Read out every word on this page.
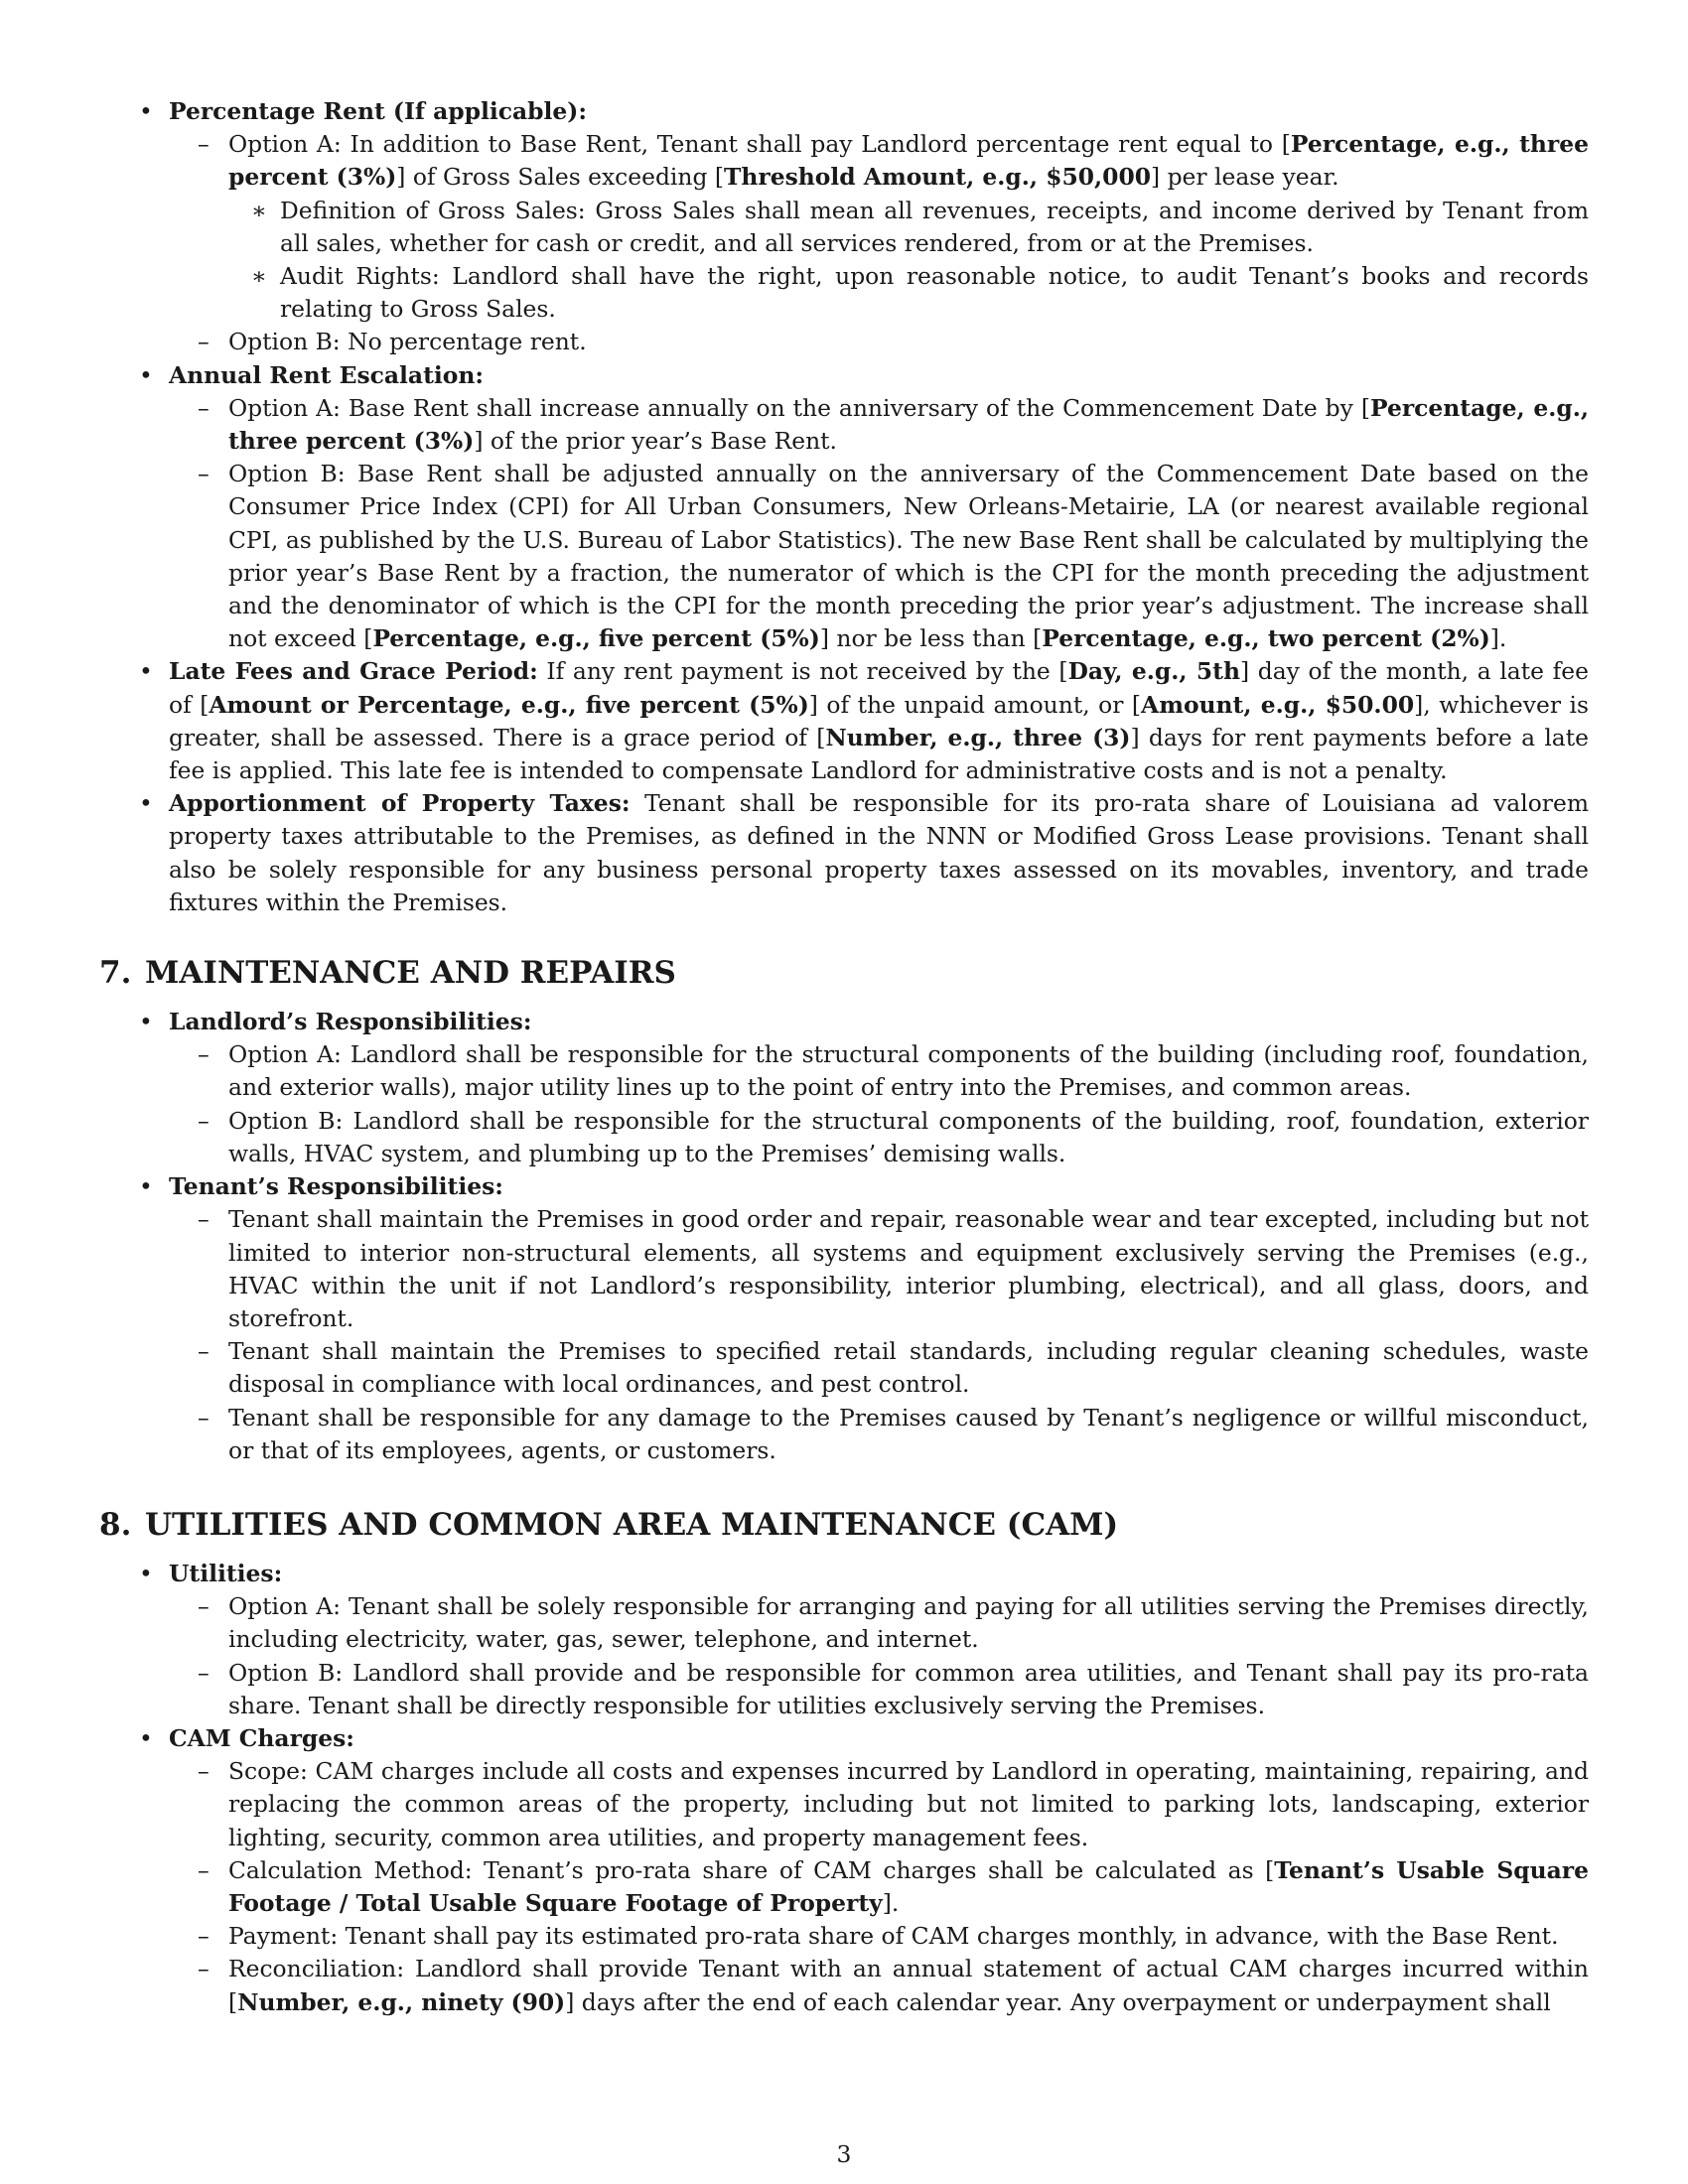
• Percentage Rent (If applicable):
– Option A: In addition to Base Rent, Tenant shall pay Landlord percentage rent equal to [Percentage, e.g., three percent (3%)] of Gross Sales exceeding [Threshold Amount, e.g., $50,000] per lease year.
∗ Definition of Gross Sales: Gross Sales shall mean all revenues, receipts, and income derived by Tenant from all sales, whether for cash or credit, and all services rendered, from or at the Premises.
∗ Audit Rights: Landlord shall have the right, upon reasonable notice, to audit Tenant’s books and records relating to Gross Sales.
– Option B: No percentage rent.
• Annual Rent Escalation:
– Option A: Base Rent shall increase annually on the anniversary of the Commencement Date by [Percentage, e.g., three percent (3%)] of the prior year’s Base Rent.
– Option B: Base Rent shall be adjusted annually on the anniversary of the Commencement Date based on the Consumer Price Index (CPI) for All Urban Consumers, New Orleans-Metairie, LA (or nearest available regional CPI, as published by the U.S. Bureau of Labor Statistics). The new Base Rent shall be calculated by multiplying the prior year’s Base Rent by a fraction, the numerator of which is the CPI for the month preceding the adjustment and the denominator of which is the CPI for the month preceding the prior year’s adjustment. The increase shall not exceed [Percentage, e.g., five percent (5%)] nor be less than [Percentage, e.g., two percent (2%)].
• Late Fees and Grace Period: If any rent payment is not received by the [Day, e.g., 5th] day of the month, a late fee of [Amount or Percentage, e.g., five percent (5%)] of the unpaid amount, or [Amount, e.g., $50.00], whichever is greater, shall be assessed. There is a grace period of [Number, e.g., three (3)] days for rent payments before a late fee is applied. This late fee is intended to compensate Landlord for administrative costs and is not a penalty.
• Apportionment of Property Taxes: Tenant shall be responsible for its pro-rata share of Louisiana ad valorem property taxes attributable to the Premises, as defined in the NNN or Modified Gross Lease provisions. Tenant shall also be solely responsible for any business personal property taxes assessed on its movables, inventory, and trade fixtures within the Premises.
7. MAINTENANCE AND REPAIRS
• Landlord’s Responsibilities:
– Option A: Landlord shall be responsible for the structural components of the building (including roof, foundation, and exterior walls), major utility lines up to the point of entry into the Premises, and common areas.
– Option B: Landlord shall be responsible for the structural components of the building, roof, foundation, exterior walls, HVAC system, and plumbing up to the Premises’ demising walls.
• Tenant’s Responsibilities:
– Tenant shall maintain the Premises in good order and repair, reasonable wear and tear excepted, including but not limited to interior non-structural elements, all systems and equipment exclusively serving the Premises (e.g., HVAC within the unit if not Landlord’s responsibility, interior plumbing, electrical), and all glass, doors, and storefront.
– Tenant shall maintain the Premises to specified retail standards, including regular cleaning schedules, waste disposal in compliance with local ordinances, and pest control.
– Tenant shall be responsible for any damage to the Premises caused by Tenant’s negligence or willful misconduct, or that of its employees, agents, or customers.
8. UTILITIES AND COMMON AREA MAINTENANCE (CAM)
• Utilities:
– Option A: Tenant shall be solely responsible for arranging and paying for all utilities serving the Premises directly, including electricity, water, gas, sewer, telephone, and internet.
– Option B: Landlord shall provide and be responsible for common area utilities, and Tenant shall pay its pro-rata share. Tenant shall be directly responsible for utilities exclusively serving the Premises.
• CAM Charges:
– Scope: CAM charges include all costs and expenses incurred by Landlord in operating, maintaining, repairing, and replacing the common areas of the property, including but not limited to parking lots, landscaping, exterior lighting, security, common area utilities, and property management fees.
– Calculation Method: Tenant’s pro-rata share of CAM charges shall be calculated as [Tenant’s Usable Square Footage / Total Usable Square Footage of Property].
– Payment: Tenant shall pay its estimated pro-rata share of CAM charges monthly, in advance, with the Base Rent.
– Reconciliation: Landlord shall provide Tenant with an annual statement of actual CAM charges incurred within [Number, e.g., ninety (90)] days after the end of each calendar year. Any overpayment or underpayment shall
3
